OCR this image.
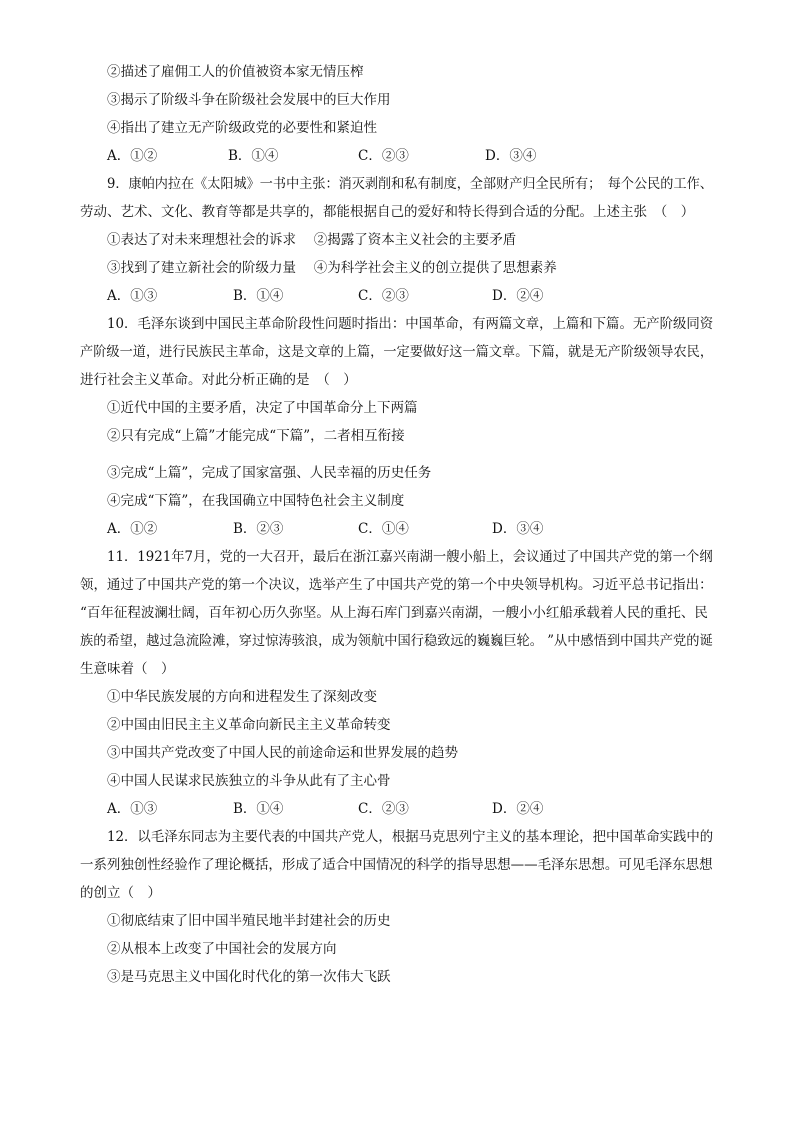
②描述了雇佣工人的价值被资本家无情压榨
③揭示了阶级斗争在阶级社会发展中的巨大作用
④指出了建立无产阶级政党的必要性和紧迫性
A．①②	B．①④	C．②③	D．③④
9．康帕内拉在《太阳城》一书中主张：消灭剥削和私有制度，全部财产归全民所有；　每个公民的工作、
劳动、艺术、文化、教育等都是共享的，都能根据自己的爱好和特长得到合适的分配。上述主张　（　）
①表达了对未来理想社会的诉求　 ②揭露了资本主义社会的主要矛盾
③找到了建立新社会的阶级力量　 ④为科学社会主义的创立提供了思想素养
A．①③	B．①④	C．②③	D．②④
10．毛泽东谈到中国民主革命阶段性问题时指出：中国革命，有两篇文章，上篇和下篇。无产阶级同资
产阶级一道，进行民族民主革命，这是文章的上篇，一定要做好这一篇文章。下篇，就是无产阶级领导农民，
进行社会主义革命。对此分析正确的是　（　）
①近代中国的主要矛盾，决定了中国革命分上下两篇
②只有完成“上篇”才能完成“下篇”，二者相互衔接
③完成“上篇”，完成了国家富强、人民幸福的历史任务
④完成“下篇”，在我国确立中国特色社会主义制度
A．①②	B．②③	C．①④	D．③④
11．1921年7月，党的一大召开，最后在浙江嘉兴南湖一艘小船上，会议通过了中国共产党的第一个纲
领，通过了中国共产党的第一个决议，选举产生了中国共产党的第一个中央领导机构。习近平总书记指出：
“百年征程波澜壮阔，百年初心历久弥坚。从上海石库门到嘉兴南湖，一艘小小红船承载着人民的重托、民
族的希望，越过急流险滩，穿过惊涛骇浪，成为领航中国行稳致远的巍巍巨轮。 ”从中感悟到中国共产党的诞
生意味着（　）
①中华民族发展的方向和进程发生了深刻改变
②中国由旧民主主义革命向新民主主义革命转变
③中国共产党改变了中国人民的前途命运和世界发展的趋势
④中国人民谋求民族独立的斗争从此有了主心骨
A．①③	B．①④	C．②③	D．②④
12．以毛泽东同志为主要代表的中国共产党人，根据马克思列宁主义的基本理论，把中国革命实践中的
一系列独创性经验作了理论概括，形成了适合中国情况的科学的指导思想——毛泽东思想。可见毛泽东思想
的创立（　）
①彻底结束了旧中国半殖民地半封建社会的历史
②从根本上改变了中国社会的发展方向
③是马克思主义中国化时代化的第一次伟大飞跃
